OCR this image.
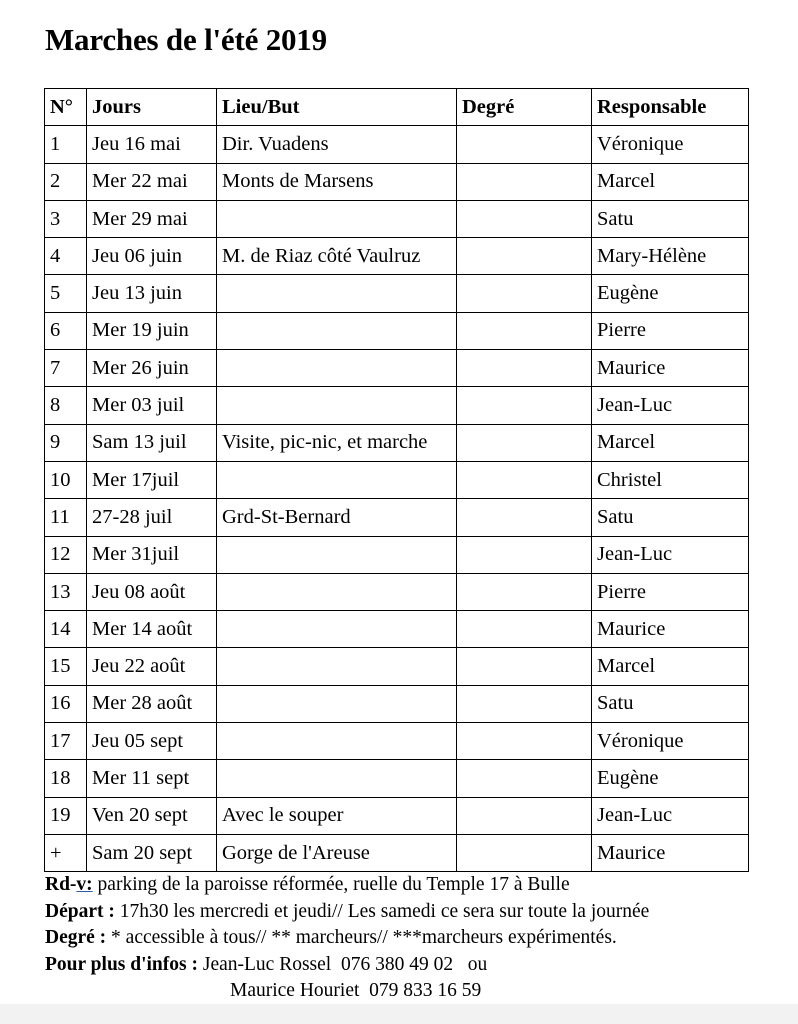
Marches de l'été 2019
N°	Jours	Lieu/But	Degré	Responsable
1	Jeu 16 mai	Dir. Vuadens		Véronique
2	Mer 22 mai	Monts de Marsens		Marcel
3	Mer 29 mai			Satu
4	Jeu 06 juin	M. de Riaz côté Vaulruz		Mary-Hélène
5	Jeu 13 juin			Eugène
6	Mer 19 juin			Pierre
7	Mer 26 juin			Maurice
8	Mer 03 juil			Jean-Luc
9	Sam 13 juil	Visite, pic-nic, et marche		Marcel
10	Mer 17juil			Christel
11	27-28 juil	Grd-St-Bernard		Satu
12	Mer 31juil			Jean-Luc
13	Jeu 08 août			Pierre
14	Mer 14 août			Maurice
15	Jeu 22 août			Marcel
16	Mer 28 août			Satu
17	Jeu 05 sept			Véronique
18	Mer 11 sept			Eugène
19	Ven 20 sept	Avec le souper		Jean-Luc
+	Sam 20 sept	Gorge de l'Areuse		Maurice
Rd-v: parking de la paroisse réformée, ruelle du Temple 17 à Bulle
Départ : 17h30 les mercredi et jeudi// Les samedi ce sera sur toute la journée
Degré : * accessible à tous// ** marcheurs// ***marcheurs expérimentés.
Pour plus d'infos : Jean-Luc Rossel  076 380 49 02   ou
Maurice Houriet  079 833 16 59
